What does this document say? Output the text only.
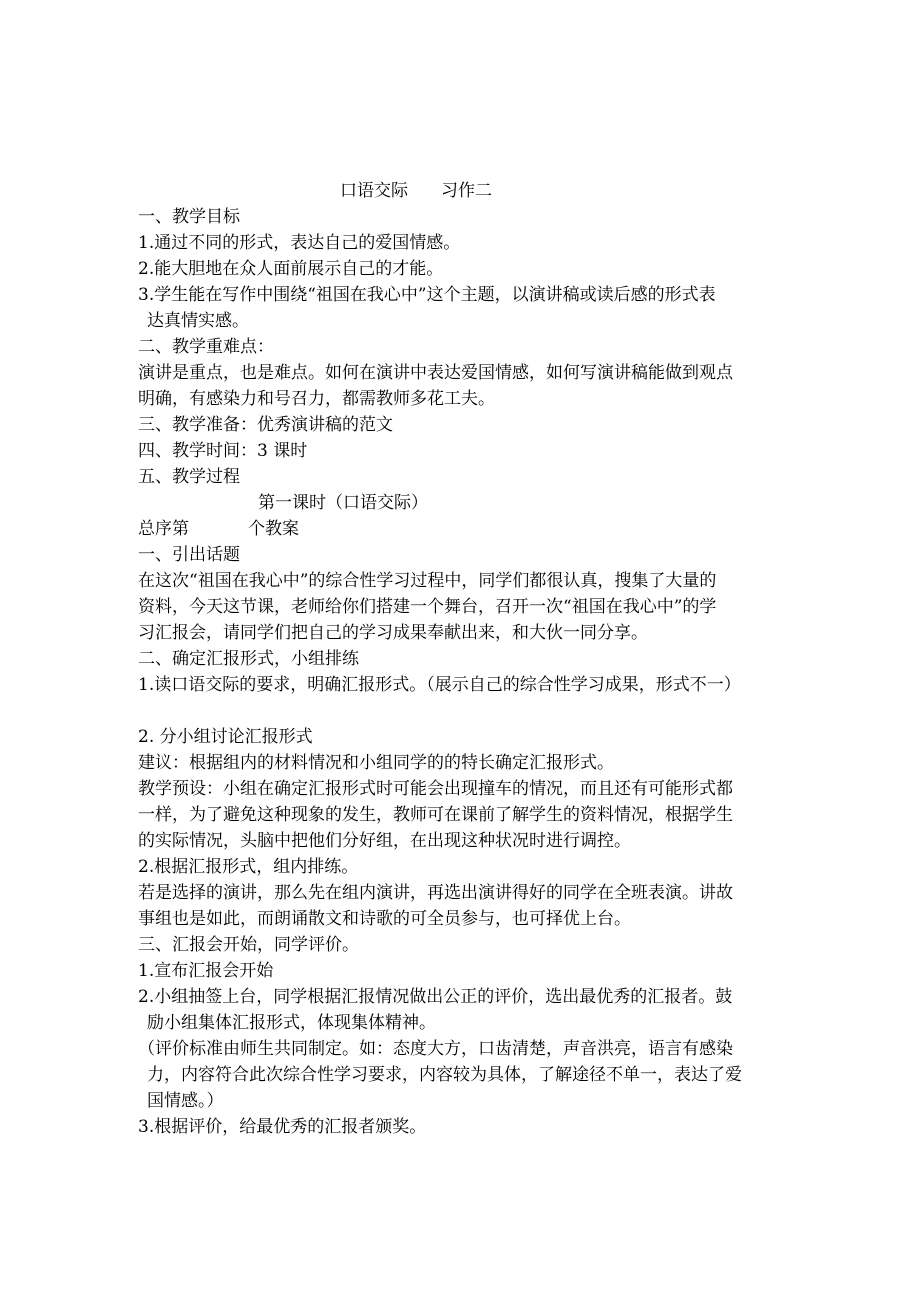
口语交际 习作二

一、教学目标

1.通过不同的形式，表达自己的爱国情感。

2.能大胆地在众人面前展示自己的才能。

3.学生能在写作中围绕“祖国在我心中”这个主题，以演讲稿或读后感的形式表

达真情实感。

二、教学重难点：

演讲是重点，也是难点。如何在演讲中表达爱国情感，如何写演讲稿能做到观点

明确，有感染力和号召力，都需教师多花工夫。

三、教学准备：优秀演讲稿的范文

四、教学时间：3 课时

五、教学过程

第一课时（口语交际）

总序第	个教案

一、引出话题

在这次“祖国在我心中”的综合性学习过程中，同学们都很认真，搜集了大量的

资料，今天这节课，老师给你们搭建一个舞台，召开一次“祖国在我心中”的学

习汇报会，请同学们把自己的学习成果奉献出来，和大伙一同分享。

二、确定汇报形式，小组排练

1.读口语交际的要求，明确汇报形式。（展示自己的综合性学习成果，形式不一）

2. 分小组讨论汇报形式

建议：根据组内的材料情况和小组同学的的特长确定汇报形式。

教学预设：小组在确定汇报形式时可能会出现撞车的情况，而且还有可能形式都

一样，为了避免这种现象的发生，教师可在课前了解学生的资料情况，根据学生

的实际情况，头脑中把他们分好组，在出现这种状况时进行调控。

2.根据汇报形式，组内排练。

若是选择的演讲，那么先在组内演讲，再选出演讲得好的同学在全班表演。讲故

事组也是如此，而朗诵散文和诗歌的可全员参与，也可择优上台。

三、汇报会开始，同学评价。

1.宣布汇报会开始

2.小组抽签上台，同学根据汇报情况做出公正的评价，选出最优秀的汇报者。鼓

励小组集体汇报形式，体现集体精神。

（评价标准由师生共同制定。如：态度大方，口齿清楚，声音洪亮，语言有感染

力，内容符合此次综合性学习要求，内容较为具体，了解途径不单一，表达了爱

国情感。）

3.根据评价，给最优秀的汇报者颁奖。
